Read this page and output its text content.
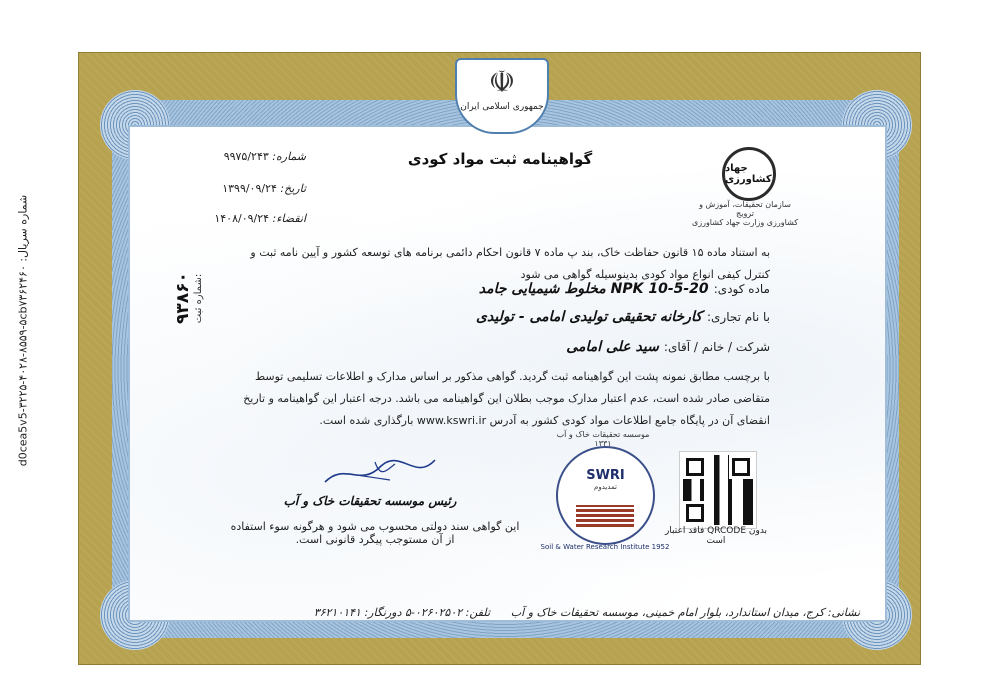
شماره سریال: d0cea5v5-۳۲۲۵-۴۰۲۸-۸۵۵۹-۵cb۷۳۶۲۴۶۰
☫
جمهوری اسلامی ایران
گواهینامه ثبت مواد کودی
شماره: ۹۹۷۵/۲۴۳
تاریخ: ۱۳۹۹/۰۹/۲۴
انقضاء: ۱۴۰۸/۰۹/۲۴
جهاد کشاورزی
سازمان تحقیقات، آموزش و ترویج
کشاورزی وزارت جهاد کشاورزی
به استناد ماده ۱۵ قانون حفاظت خاک، بند پ ماده ۷ قانون احکام دائمی برنامه های توسعه کشور و آیین نامه ثبت و کنترل کیفی انواع مواد کودی بدینوسیله گواهی می شود
ماده کودی: NPK 10-5-20 مخلوط شیمیایی جامد
با نام تجاری: کارخانه تحقیقی تولیدی امامی - تولیدی
شرکت / خانم / آقای: سید علی امامی
۹۳۸۶۰ شماره ثبت:
با برچسب مطابق نمونه پشت این گواهینامه ثبت گردید. گواهی مذکور بر اساس مدارک و اطلاعات تسلیمی توسط متقاضی صادر شده است، عدم اعتبار مدارک موجب بطلان این گواهینامه می باشد. درجه اعتبار این گواهینامه و تاریخ انقضای آن در پایگاه جامع اطلاعات مواد کودی کشور به آدرس www.kswri.ir بارگذاری شده است.
رئیس موسسه تحقیقات خاک و آب
این گواهی سند دولتی محسوب می شود و هرگونه سوء استفاده از آن مستوجب پیگرد قانونی است.
SWRI
تمدیدوم
موسسه تحقیقات خاک و آب ۱۳۳۱
Soil & Water Research Institute 1952
بدون QRCODE فاقد اعتبار است
نشانی: کرج، میدان استاندارد، بلوار امام خمینی، موسسه تحقیقات خاک و آب
تلفن: ۰۲۶۰۲۵۰۲-۵ دورنگار: ۳۶۲۱۰۱۴۱
